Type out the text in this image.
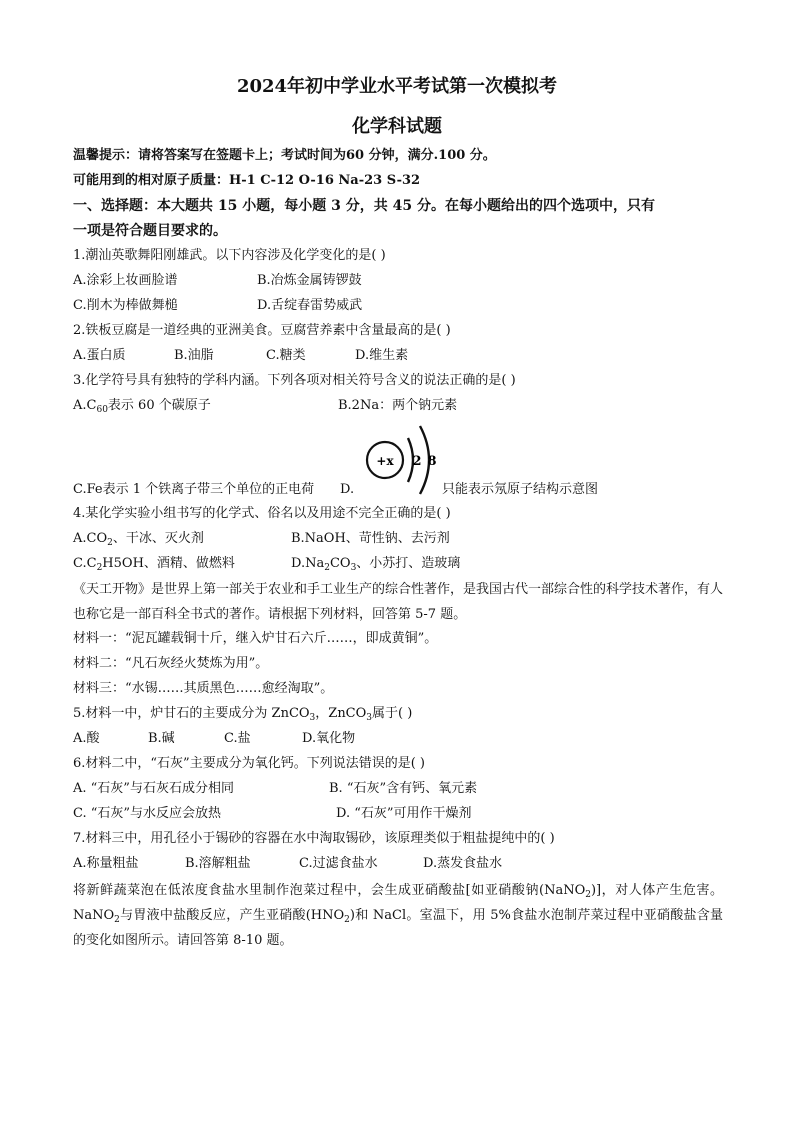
2024年初中学业水平考试第一次模拟考
化学科试题
温馨提示：请将答案写在签题卡上；考试时间为60 分钟，满分.100 分。
可能用到的相对原子质量：H-1 C-12 O-16 Na-23 S-32
一、选择题：本大题共 15 小题，每小题 3 分，共 45 分。在每小题给出的四个选项中，只有
一项是符合题目要求的。
1.潮汕英歌舞阳刚雄武。以下内容涉及化学变化的是( )
A.涂彩上妆画脸谱	B.冶炼金属铸锣鼓
C.削木为棒做舞槌	D.舌绽春雷势威武
2.铁板豆腐是一道经典的亚洲美食。豆腐营养素中含量最高的是( )
A.蛋白质	B.油脂	C.糖类	D.维生素
3.化学符号具有独特的学科内涵。下列各项对相关符号含义的说法正确的是( )
$A.C_{60}$表示 60 个碳原子	B.2Na：两个钠元素
+x 2 8
C.Fe表示 1 个铁离子带三个单位的正电荷 D.	只能表示氖原子结构示意图
4.某化学实验小组书写的化学式、俗名以及用途不完全正确的是( )
$A.CO_2$、干冰、灭火剂	B.NaOH、苛性钠、去污剂
$C.C_2H5OH$、酒精、做燃料	$D.Na_2CO_3$、小苏打、造玻璃
《天工开物》是世界上第一部关于农业和手工业生产的综合性著作，是我国古代一部综合性的科学技术著作，有人也称它是一部百科全书式的著作。请根据下列材料，回答第 5-7 题。
材料一：“泥瓦罐载铜十斤，继入炉甘石六斤……，即成黄铜”。
材料二：“凡石灰经火焚炼为用”。
材料三：“水锡……其质黑色……愈经淘取”。
5.材料一中，炉甘石的主要成分为 ZnCO$_3$，ZnCO$_3$属于( )
A.酸	B.碱	C.盐	D.氧化物
6.材料二中，“石灰”主要成分为氧化钙。下列说法错误的是( )
A. “石灰”与石灰石成分相同	B. “石灰”含有钙、氧元素
C. “石灰”与水反应会放热	D. “石灰”可用作干燥剂
7.材料三中，用孔径小于锡砂的容器在水中淘取锡砂，该原理类似于粗盐提纯中的( )
A.称量粗盐	B.溶解粗盐	C.过滤食盐水	D.蒸发食盐水
将新鲜蔬菜泡在低浓度食盐水里制作泡菜过程中，会生成亚硝酸盐[如亚硝酸钠(NaNO$_2$)]，对人体产生危害。NaNO$_2$与胃液中盐酸反应，产生亚硝酸$(HNO_2)$和 NaCl。室温下，用 5%食盐水泡制芹菜过程中亚硝酸盐含量的变化如图所示。请回答第 8-10 题。
